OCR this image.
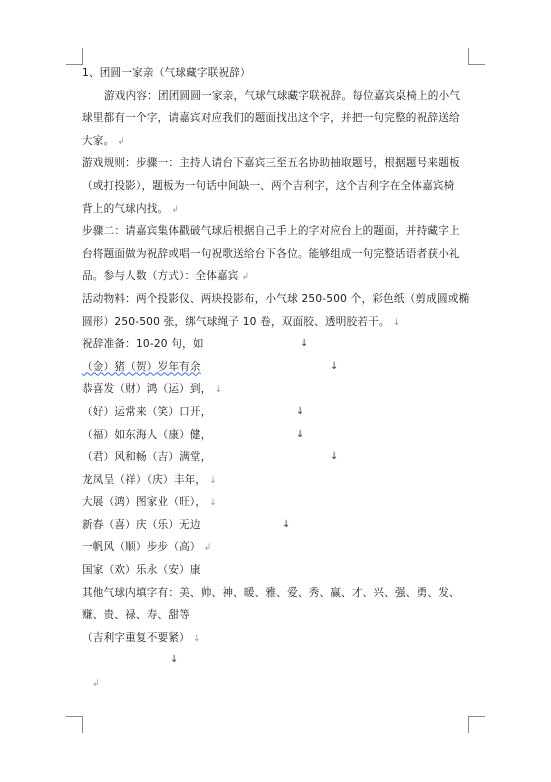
1、团圆一家亲（气球藏字联祝辞）
游戏内容：团团圆圆一家亲，气球气球藏字联祝辞。每位嘉宾桌椅上的小气
球里都有一个字，请嘉宾对应我们的题面找出这个字，并把一句完整的祝辞送给
大家。 ↲
游戏规则：步骤一：主持人请台下嘉宾三至五名协助抽取题号，根据题号来题板
（或打投影），题板为一句话中间缺一、两个吉利字，这个吉利字在全体嘉宾椅
背上的气球内找。 ↲
步骤二：请嘉宾集体戳破气球后根据自己手上的字对应台上的题面，并持藏字上
台将题面做为祝辞或唱一句祝歌送给台下各位。能够组成一句完整话语者获小礼
品。参与人数（方式）：全体嘉宾 ↲
活动物料：两个投影仪、两块投影布，小气球 250-500 个，彩色纸（剪成圆或椭
圆形）250-500 张，绑气球绳子 10 卷，双面胶、透明胶若干。 ↓
祝辞准备：10-20 句，如	↓
（金）猪（贺）岁年有余	↓
恭喜发（财）鸿（运）到， ↓
（好）运常来（笑）口开，	↓
（福）如东海人（康）健，	↓
（君）风和畅（吉）满堂，	↓
龙凤呈（祥）（庆）丰年， ↓
大展（鸿）图家业（旺）， ↓
新春（喜）庆（乐）无边	↓
一帆风（顺）步步（高） ↲
国家（欢）乐永（安）康
其他气球内填字有：美、帅、神、暖、雅、爱、秀、赢、才、兴、强、勇、发、
赚、贵、禄、寿、甜等
（吉利字重复不要紧） ↓
↓
↲
